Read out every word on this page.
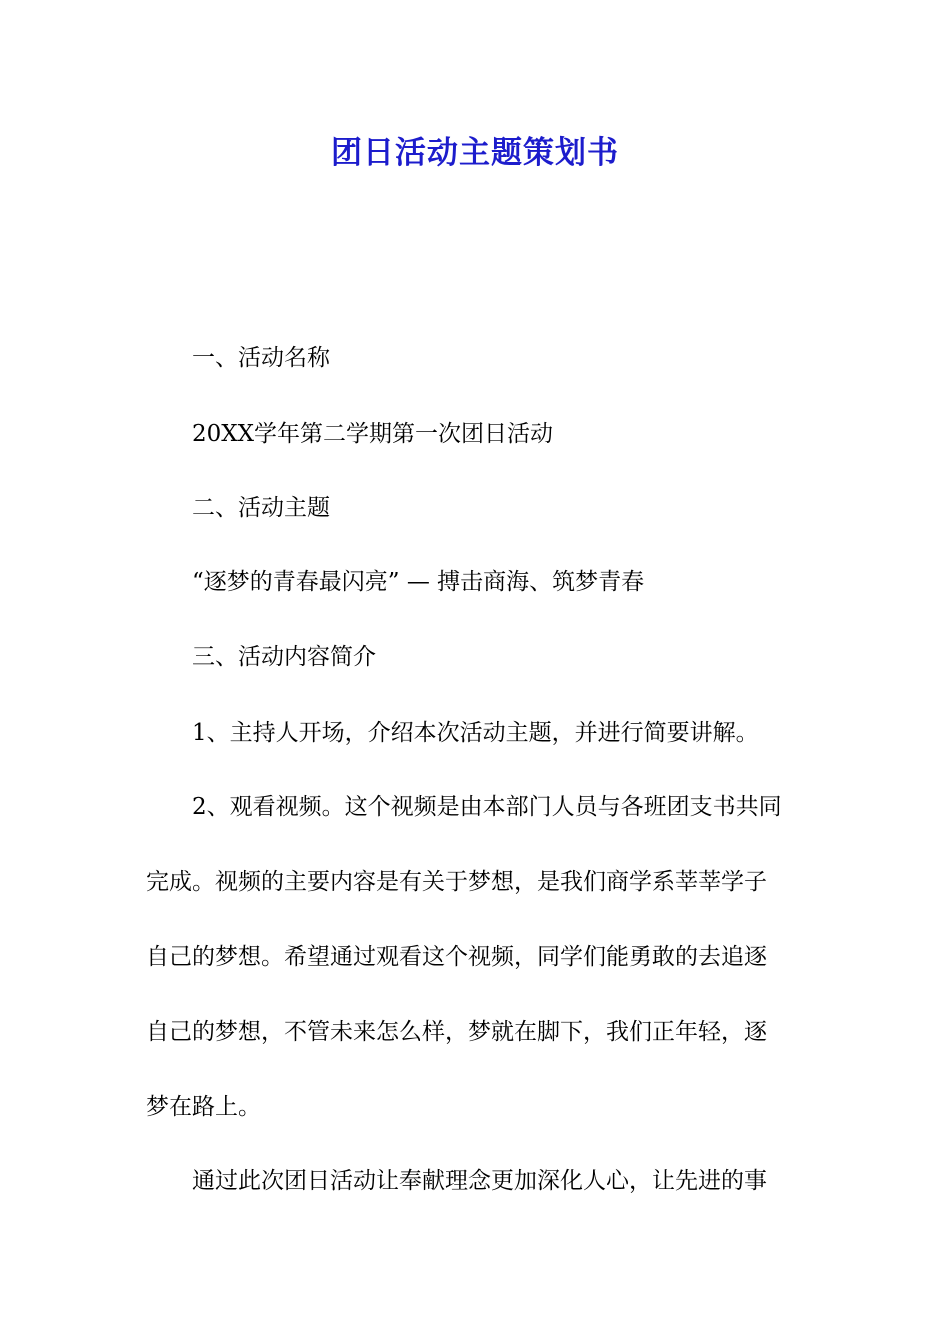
团日活动主题策划书

一、活动名称

20XX学年第二学期第一次团日活动

二、活动主题

“逐梦的青春最闪亮” — 搏击商海、筑梦青春

三、活动内容简介

1、主持人开场，介绍本次活动主题，并进行简要讲解。

2、观看视频。这个视频是由本部门人员与各班团支书共同

完成。视频的主要内容是有关于梦想，是我们商学系莘莘学子

自己的梦想。希望通过观看这个视频，同学们能勇敢的去追逐

自己的梦想，不管未来怎么样，梦就在脚下，我们正年轻，逐

梦在路上。

通过此次团日活动让奉献理念更加深化人心，让先进的事
